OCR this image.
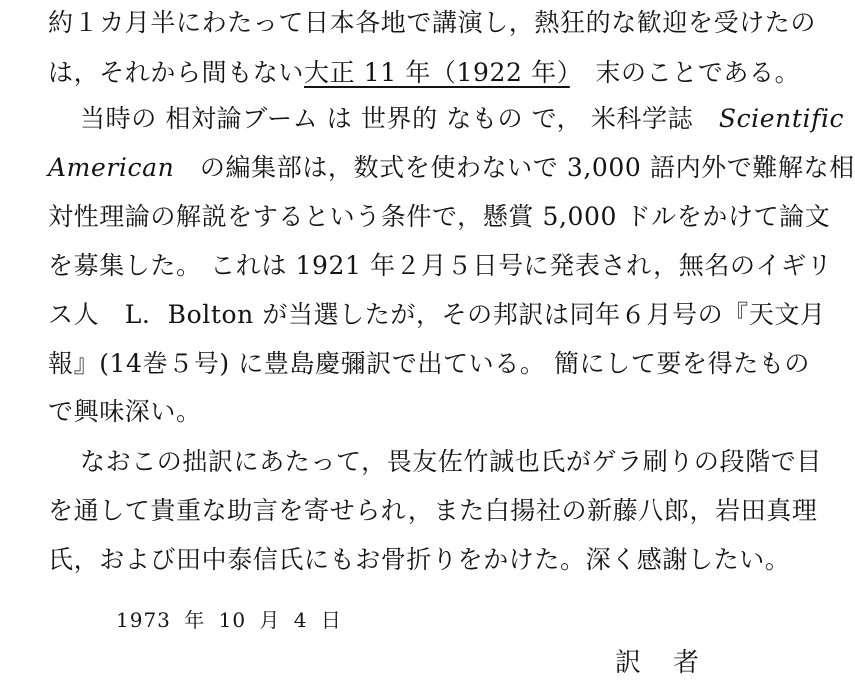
約１カ月半にわたって日本各地で講演し，熱狂的な歓迎を受けたの
は，それから間もない大正 11 年（1922 年）　 末のことである。
当時の 相対論ブーム は 世界的 なもの で， 米科学誌　 Scientific
American　 の編集部は，数式を使わないで 3,000 語内外で難解な相
対性理論の解説をするという条件で，懸賞 5,000 ドルをかけて論文
を募集した。 これは 1921 年２月５日号に発表され，無名のイギリ
ス人　L．Bolton が当選したが，その邦訳は同年６月号の『天文月
報』(14巻５号) に豊島慶彌訳で出ている。 簡にして要を得たもの
で興味深い。
なおこの拙訳にあたって，畏友佐竹誠也氏がゲラ刷りの段階で目
を通して貴重な助言を寄せられ，また白揚社の新藤八郎，岩田真理
氏，および田中泰信氏にもお骨折りをかけた。深く感謝したい。
1973 年 10 月 4 日
訳者
